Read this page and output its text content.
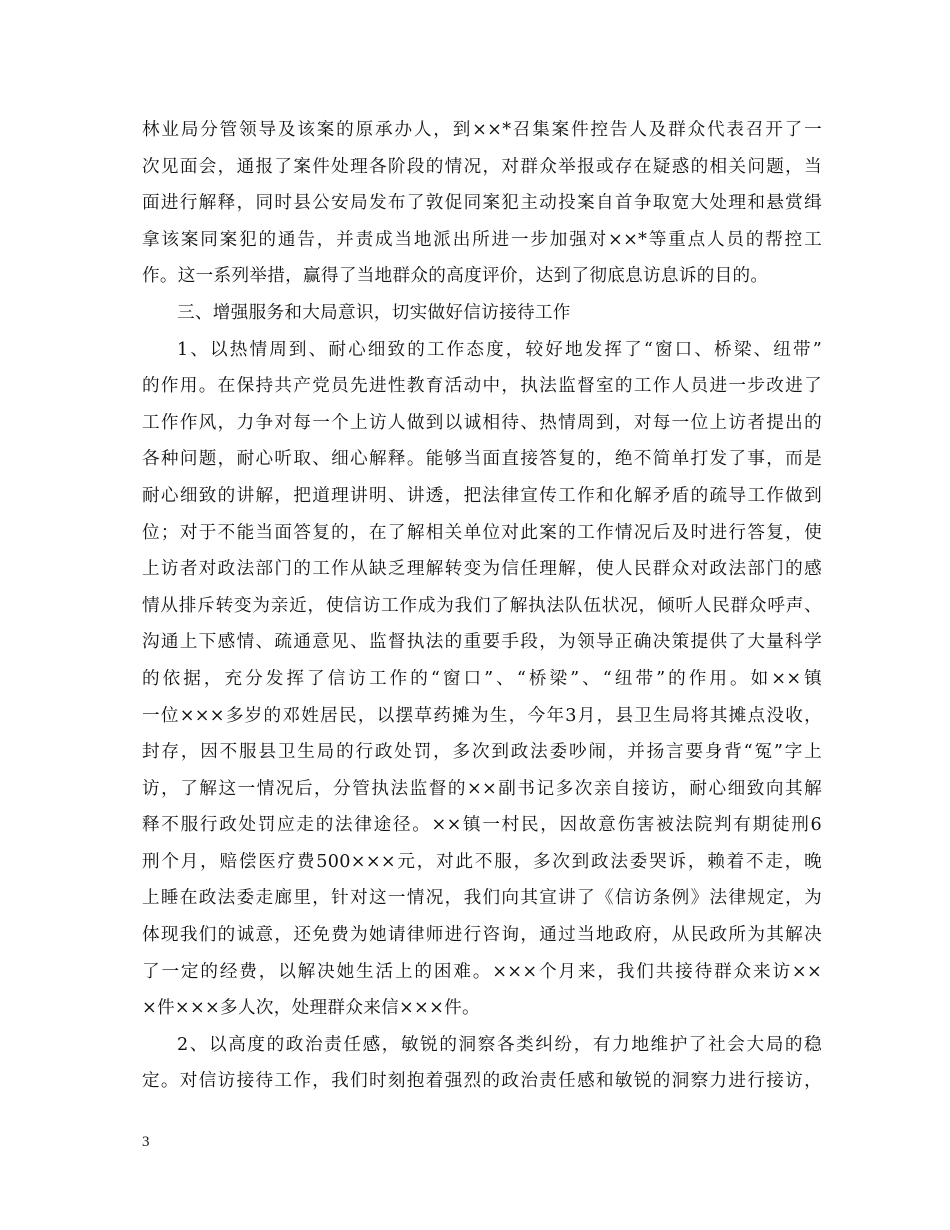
林业局分管领导及该案的原承办人，到××*召集案件控告人及群众代表召开了一
次见面会，通报了案件处理各阶段的情况，对群众举报或存在疑惑的相关问题，当
面进行解释，同时县公安局发布了敦促同案犯主动投案自首争取宽大处理和悬赏缉
拿该案同案犯的通告，并责成当地派出所进一步加强对××*等重点人员的帮控工
作。这一系列举措，赢得了当地群众的高度评价，达到了彻底息访息诉的目的。
三、增强服务和大局意识，切实做好信访接待工作
1、以热情周到、耐心细致的工作态度，较好地发挥了“窗口、桥梁、纽带”
的作用。在保持共产党员先进性教育活动中，执法监督室的工作人员进一步改进了
工作作风，力争对每一个上访人做到以诚相待、热情周到，对每一位上访者提出的
各种问题，耐心听取、细心解释。能够当面直接答复的，绝不简单打发了事，而是
耐心细致的讲解，把道理讲明、讲透，把法律宣传工作和化解矛盾的疏导工作做到
位；对于不能当面答复的，在了解相关单位对此案的工作情况后及时进行答复，使
上访者对政法部门的工作从缺乏理解转变为信任理解，使人民群众对政法部门的感
情从排斥转变为亲近，使信访工作成为我们了解执法队伍状况，倾听人民群众呼声、
沟通上下感情、疏通意见、监督执法的重要手段，为领导正确决策提供了大量科学
的依据，充分发挥了信访工作的“窗口”、“桥梁”、“纽带”的作用。如××镇
一位×××多岁的邓姓居民，以摆草药摊为生，今年3月，县卫生局将其摊点没收，
封存，因不服县卫生局的行政处罚，多次到政法委吵闹，并扬言要身背“冤”字上
访，了解这一情况后，分管执法监督的××副书记多次亲自接访，耐心细致向其解
释不服行政处罚应走的法律途径。××镇一村民，因故意伤害被法院判有期徒刑6
刑个月，赔偿医疗费500×××元，对此不服，多次到政法委哭诉，赖着不走，晚
上睡在政法委走廊里，针对这一情况，我们向其宣讲了《信访条例》法律规定，为
体现我们的诚意，还免费为她请律师进行咨询，通过当地政府，从民政所为其解决
了一定的经费，以解决她生活上的困难。×××个月来，我们共接待群众来访××
×件×××多人次，处理群众来信×××件。
2、以高度的政治责任感，敏锐的洞察各类纠纷，有力地维护了社会大局的稳
定。对信访接待工作，我们时刻抱着强烈的政治责任感和敏锐的洞察力进行接访，
3
